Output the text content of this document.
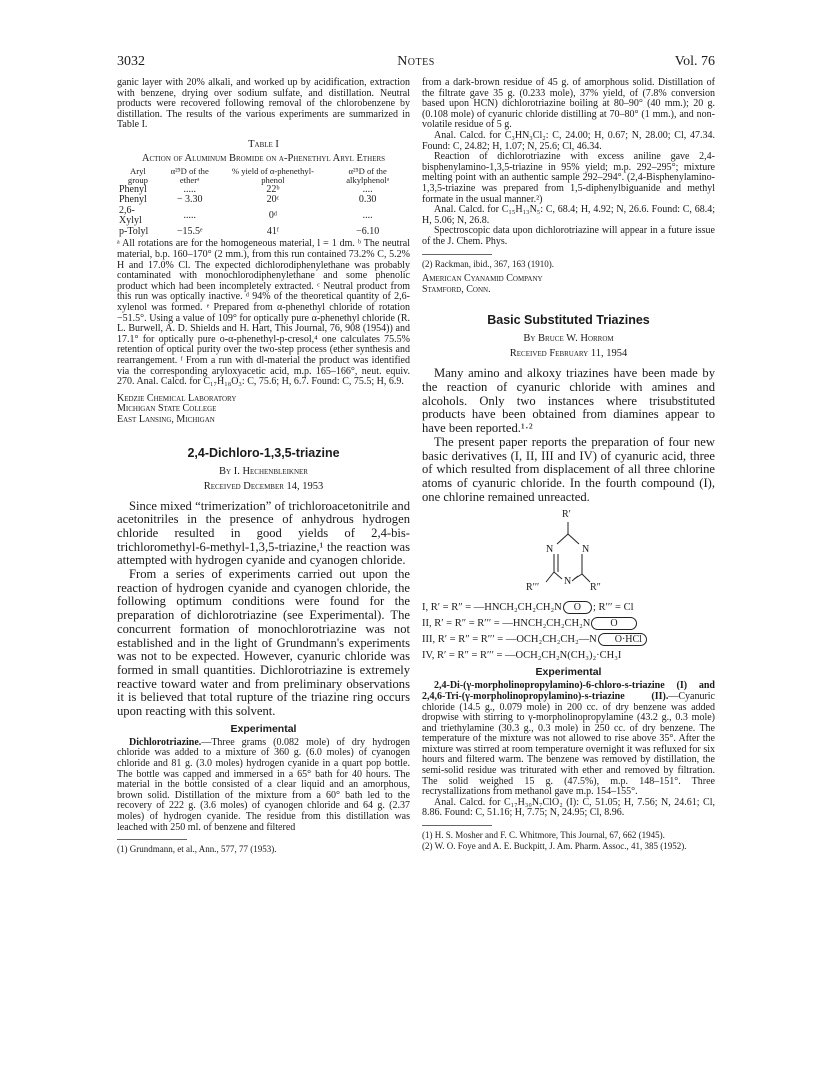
3032	Notes	Vol. 76

ganic layer with 20% alkali, and worked up by acidification, extraction with benzene, drying over sodium sulfate, and distillation. Neutral products were recovered following removal of the chlorobenzene by distillation. The results of the various experiments are summarized in Table I.

Table I
Action of Aluminum Bromide on α-Phenethyl Aryl Ethers
Aryl group	α²⁵D of the etherᵃ	% yield of α-phenethyl-phenol	α²⁵D of the alkylphenolᵃ
Phenyl	.....	22ᵇ	....
Phenyl	− 3.30	20ᶜ	0.30
2,6-Xylyl	.....	0ᵈ	....
p-Tolyl	−15.5ᵉ	41ᶠ	−6.10

ᵃ All rotations are for the homogeneous material, l = 1 dm. ᵇ The neutral material, b.p. 160–170° (2 mm.), from this run contained 73.2% C, 5.2% H and 17.0% Cl. The expected dichlorodiphenylethane was probably contaminated with monochlorodiphenylethane and some phenolic product which had been incompletely extracted. ᶜ Neutral product from this run was optically inactive. ᵈ 94% of the theoretical quantity of 2,6-xylenol was formed. ᵉ Prepared from α-phenethyl chloride of rotation −51.5°. Using a value of 109° for optically pure α-phenethyl chloride (R. L. Burwell, A. D. Shields and H. Hart, This Journal, 76, 908 (1954)) and 17.1° for optically pure o-α-phenethyl-p-cresol,⁴ one calculates 75.5% retention of optical purity over the two-step process (ether synthesis and rearrangement. ᶠ From a run with dl-material the product was identified via the corresponding aryloxyacetic acid, m.p. 165–166°, neut. equiv. 270. Anal. Calcd. for C₁₇H₁₈O₃: C, 75.6; H, 6.7. Found: C, 75.5; H, 6.9.

Kedzie Chemical Laboratory
Michigan State College
East Lansing, Michigan
2,4-Dichloro-1,3,5-triazine
By I. Hechenbleikner
Received December 14, 1953

Since mixed “trimerization” of trichloroacetonitrile and acetonitriles in the presence of anhydrous hydrogen chloride resulted in good yields of 2,4-bis-trichloromethyl-6-methyl-1,3,5-triazine,¹ the reaction was attempted with hydrogen cyanide and cyanogen chloride.

From a series of experiments carried out upon the reaction of hydrogen cyanide and cyanogen chloride, the following optimum conditions were found for the preparation of dichlorotriazine (see Experimental). The concurrent formation of monochlorotriazine was not established and in the light of Grundmann's experiments was not to be expected. However, cyanuric chloride was formed in small quantities. Dichlorotriazine is extremely reactive toward water and from preliminary observations it is believed that total rupture of the triazine ring occurs upon reacting with this solvent.

Experimental

Dichlorotriazine.—Three grams (0.082 mole) of dry hydrogen chloride was added to a mixture of 360 g. (6.0 moles) of cyanogen chloride and 81 g. (3.0 moles) hydrogen cyanide in a quart pop bottle. The bottle was capped and immersed in a 65° bath for 40 hours. The material in the bottle consisted of a clear liquid and an amorphous, brown solid. Distillation of the mixture from a 60° bath led to the recovery of 222 g. (3.6 moles) of cyanogen chloride and 64 g. (2.37 moles) of hydrogen cyanide. The residue from this distillation was leached with 250 ml. of benzene and filtered

(1) Grundmann, et al., Ann., 577, 77 (1953).

from a dark-brown residue of 45 g. of amorphous solid. Distillation of the filtrate gave 35 g. (0.233 mole), 37% yield, of (7.8% conversion based upon HCN) dichlorotriazine boiling at 80–90° (40 mm.); 20 g. (0.108 mole) of cyanuric chloride distilling at 70–80° (1 mm.), and non-volatile residue of 5 g.

Anal. Calcd. for C₃HN₃Cl₂: C, 24.00; H, 0.67; N, 28.00; Cl, 47.34. Found: C, 24.82; H, 1.07; N, 25.6; Cl, 46.34.

Reaction of dichlorotriazine with excess aniline gave 2,4-bisphenylamino-1,3,5-triazine in 95% yield; m.p. 292–295°; mixture melting point with an authentic sample 292–294°. (2,4-Bisphenylamino-1,3,5-triazine was prepared from 1,5-diphenylbiguanide and methyl formate in the usual manner.²)

Anal. Calcd. for C₁₅H₁₃N₅: C, 68.4; H, 4.92; N, 26.6. Found: C, 68.4; H, 5.06; N, 26.8.

Spectroscopic data upon dichlorotriazine will appear in a future issue of the J. Chem. Phys.

(2) Rackman, ibid., 367, 163 (1910).

American Cyanamid Company
Stamford, Conn.
Basic Substituted Triazines
By Bruce W. Horrom
Received February 11, 1954

Many amino and alkoxy triazines have been made by the reaction of cyanuric chloride with amines and alcohols. Only two instances where trisubstituted products have been obtained from diamines appear to have been reported.¹·²

The present paper reports the preparation of four new basic derivatives (I, II, III and IV) of cyanuric acid, three of which resulted from displacement of all three chlorine atoms of cyanuric chloride. In the fourth compound (I), one chlorine remained unreacted.

R′
N	N
N
R′′′	R″
I, R′ = R″ = —HNCH₂CH₂CH₂N O ; R′′′ = Cl
II, R′ = R″ = R′′′ = —HNCH₂CH₂CH₂N O
III, R′ = R″ = R′′′ = —OCH₂CH₂CH₂—N O·HCl
IV, R′ = R″ = R′′′ = —OCH₂CH₂N(CH₃)₂·CH₃I
Experimental

2,4-Di-(γ-morpholinopropylamino)-6-chloro-s-triazine (I) and 2,4,6-Tri-(γ-morpholinopropylamino)-s-triazine (II).—Cyanuric chloride (14.5 g., 0.079 mole) in 200 cc. of dry benzene was added dropwise with stirring to γ-morpholinopropylamine (43.2 g., 0.3 mole) and triethylamine (30.3 g., 0.3 mole) in 250 cc. of dry benzene. The temperature of the mixture was not allowed to rise above 35°. After the mixture was stirred at room temperature overnight it was refluxed for six hours and filtered warm. The benzene was removed by distillation, the semi-solid residue was triturated with ether and removed by filtration. The solid weighed 15 g. (47.5%), m.p. 148–151°. Three recrystallizations from methanol gave m.p. 154–155°.

Anal. Calcd. for C₁₇H₃₀N₇ClO₂ (I): C, 51.05; H, 7.56; N, 24.61; Cl, 8.86. Found: C, 51.16; H, 7.75; N, 24.95; Cl, 8.96.

(1) H. S. Mosher and F. C. Whitmore, This Journal, 67, 662 (1945).

(2) W. O. Foye and A. E. Buckpitt, J. Am. Pharm. Assoc., 41, 385 (1952).
